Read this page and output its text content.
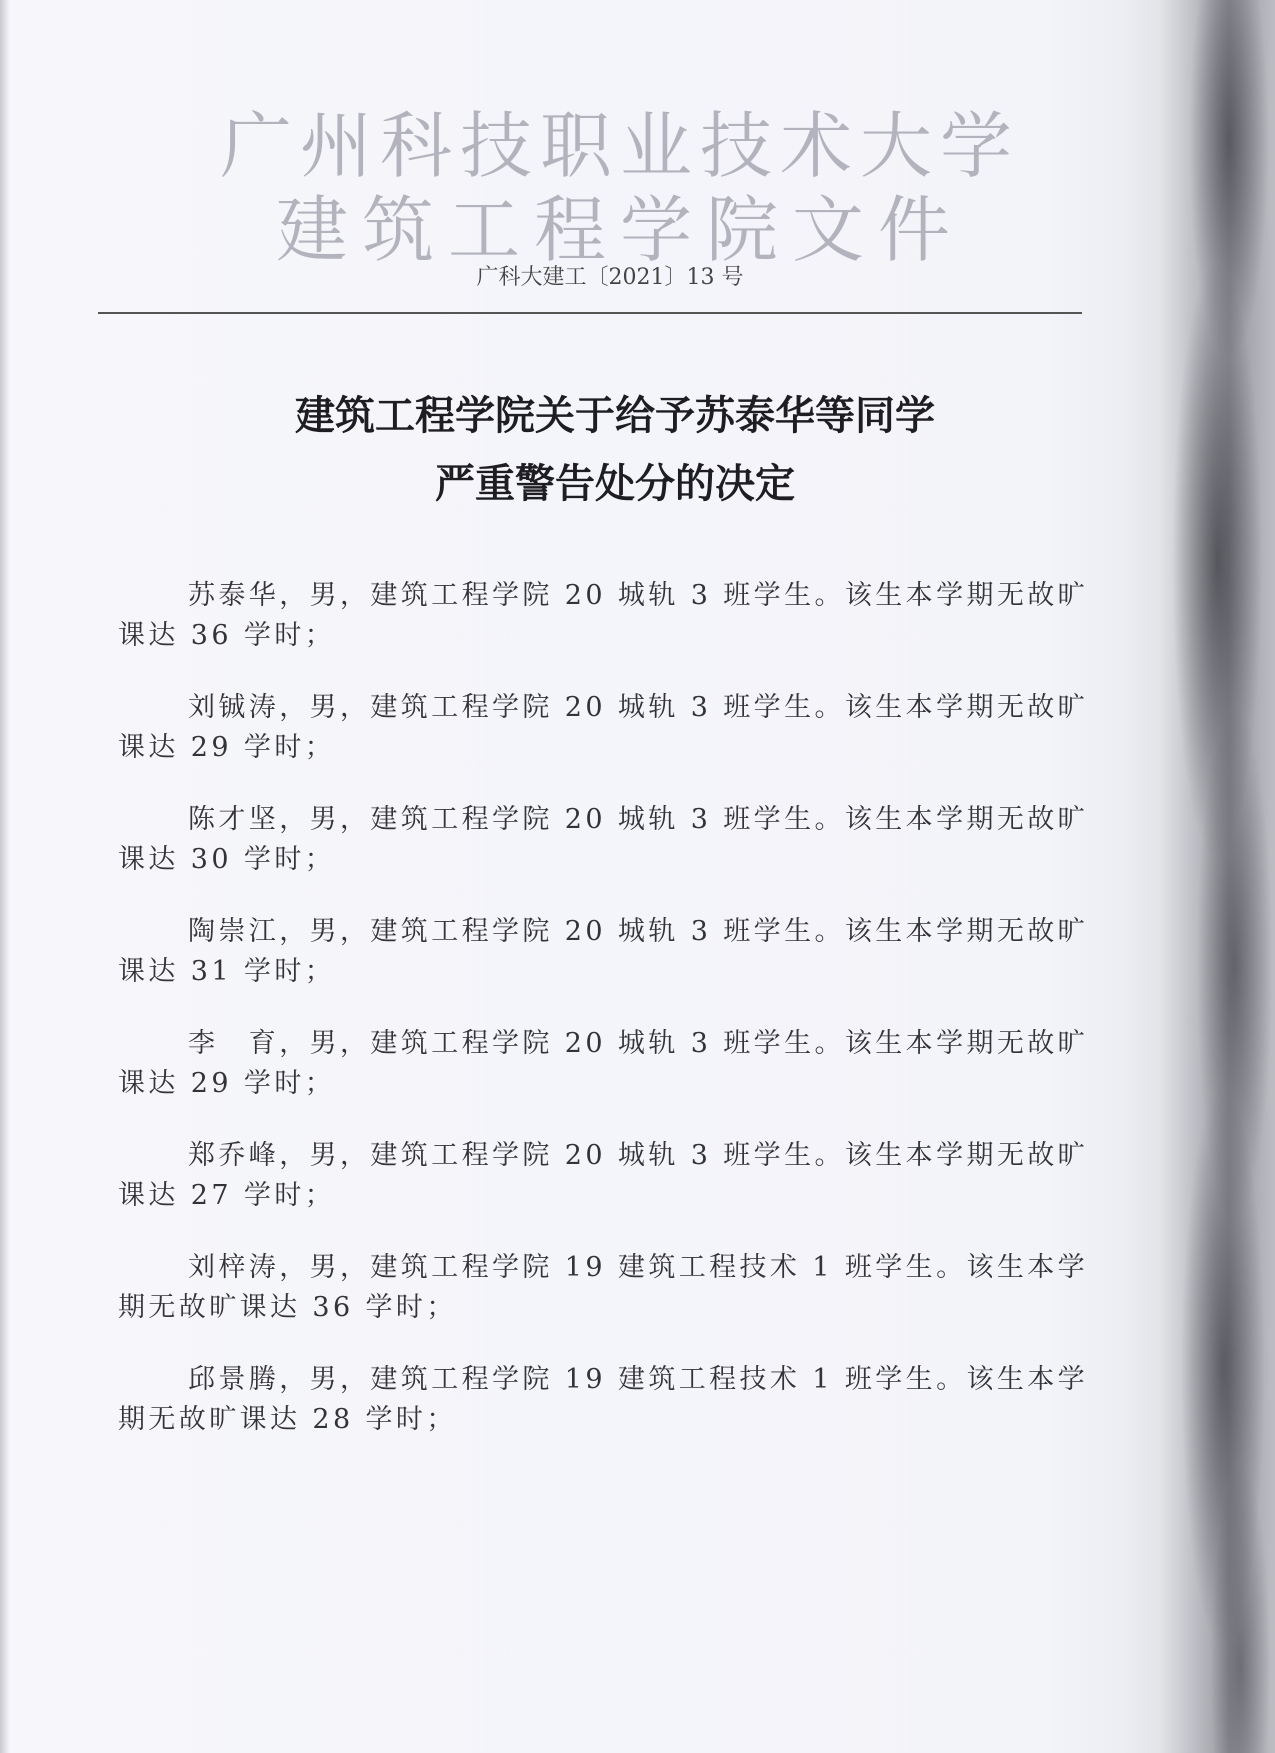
广州科技职业技术大学
建筑工程学院文件
广科大建工〔2021〕13 号
建筑工程学院关于给予苏泰华等同学
严重警告处分的决定
苏泰华，男，建筑工程学院 20 城轨 3 班学生。该生本学期无故旷
课达 36 学时；
刘铖涛，男，建筑工程学院 20 城轨 3 班学生。该生本学期无故旷
课达 29 学时；
陈才坚，男，建筑工程学院 20 城轨 3 班学生。该生本学期无故旷
课达 30 学时；
陶崇江，男，建筑工程学院 20 城轨 3 班学生。该生本学期无故旷
课达 31 学时；
李　育，男，建筑工程学院 20 城轨 3 班学生。该生本学期无故旷
课达 29 学时；
郑乔峰，男，建筑工程学院 20 城轨 3 班学生。该生本学期无故旷
课达 27 学时；
刘梓涛，男，建筑工程学院 19 建筑工程技术 1 班学生。该生本学
期无故旷课达 36 学时；
邱景腾，男，建筑工程学院 19 建筑工程技术 1 班学生。该生本学
期无故旷课达 28 学时；
